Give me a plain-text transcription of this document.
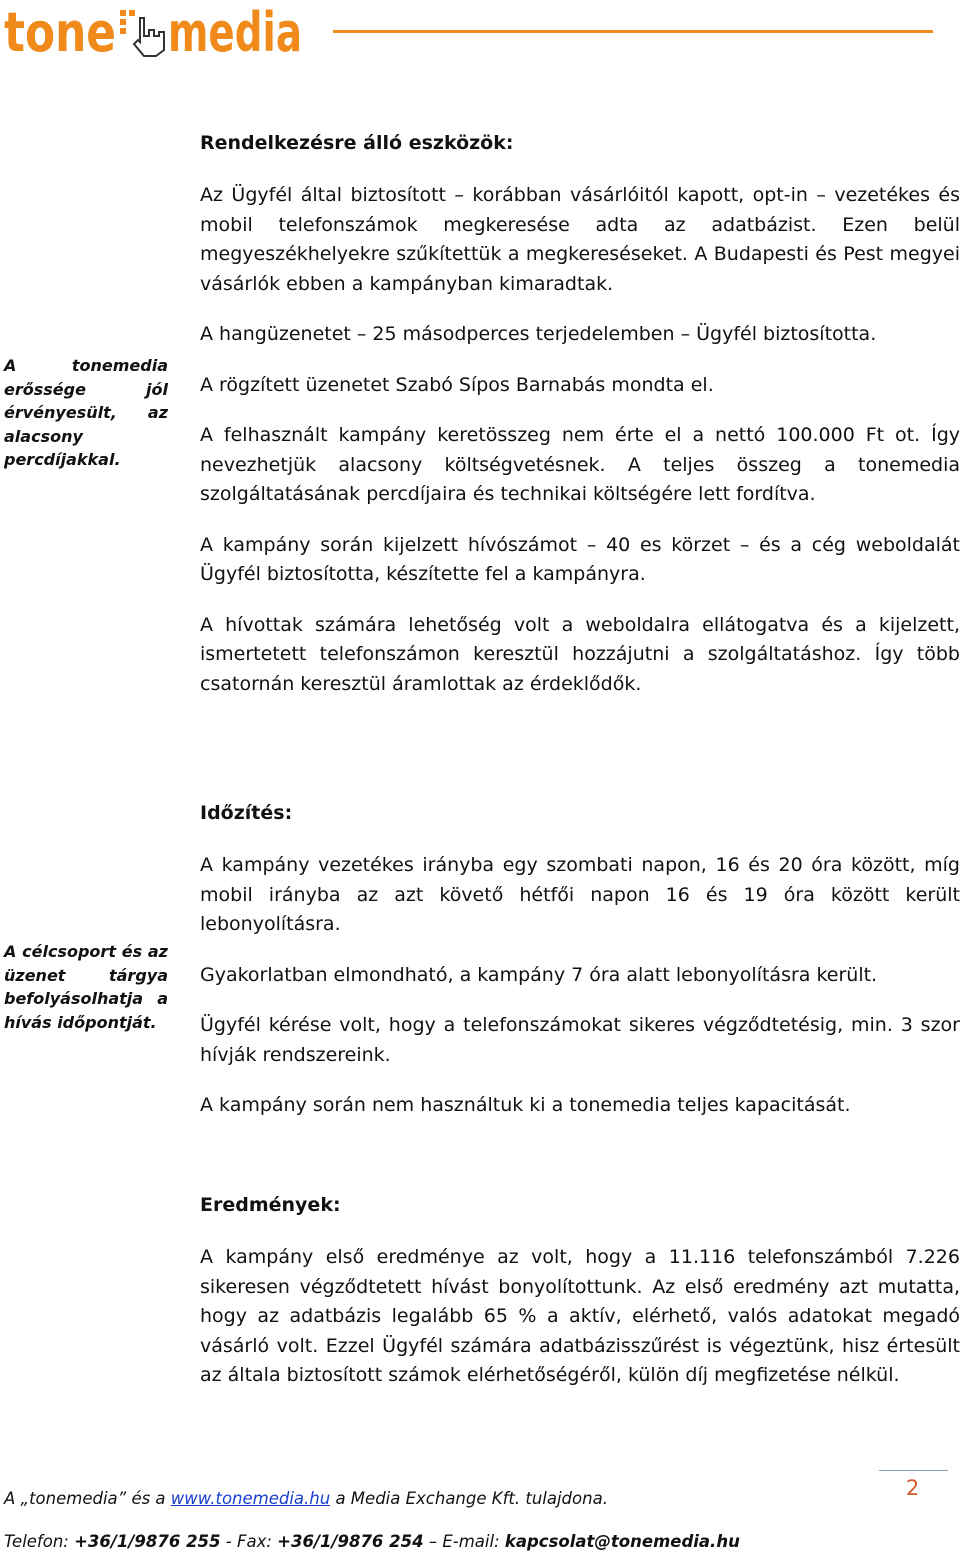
tone media
Rendelkezésre álló eszközök:

Az Ügyfél által biztosított – korábban vásárlóitól kapott, opt-in – vezetékes és mobil telefonszámok megkeresése adta az adatbázist. Ezen belül megyeszékhelyekre szűkítettük a megkereséseket. A Budapesti és Pest megyei vásárlók ebben a kampányban kimaradtak.

A hangüzenetet – 25 másodperces terjedelemben – Ügyfél biztosította.

A rögzített üzenetet Szabó Sípos Barnabás mondta el.

A felhasznált kampány keretösszeg nem érte el a nettó 100.000 Ft ot. Így nevezhetjük alacsony költségvetésnek. A teljes összeg a tonemedia szolgáltatásának percdíjaira és technikai költségére lett fordítva.

A kampány során kijelzett hívószámot – 40 es körzet – és a cég weboldalát Ügyfél biztosította, készítette fel a kampányra.

A hívottak számára lehetőség volt a weboldalra ellátogatva és a kijelzett, ismertetett telefonszámon keresztül hozzájutni a szolgáltatáshoz. Így több csatornán keresztül áramlottak az érdeklődők.

A tonemedia erőssége jól érvényesült, az alacsony percdíjakkal.

Időzítés:

A kampány vezetékes irányba egy szombati napon, 16 és 20 óra között, míg mobil irányba az azt követő hétfői napon 16 és 19 óra között került lebonyolításra.

Gyakorlatban elmondható, a kampány 7 óra alatt lebonyolításra került.

Ügyfél kérése volt, hogy a telefonszámokat sikeres végződtetésig, min. 3 szor hívják rendszereink.

A kampány során nem használtuk ki a tonemedia teljes kapacitását.

A célcsoport és az üzenet tárgya befolyásolhatja a hívás időpontját.

Eredmények:

A kampány első eredménye az volt, hogy a 11.116 telefonszámból 7.226 sikeresen végződtetett hívást bonyolítottunk. Az első eredmény azt mutatta, hogy az adatbázis legalább 65 % a aktív, elérhető, valós adatokat megadó vásárló volt. Ezzel Ügyfél számára adatbázisszűrést is végeztünk, hisz értesült az általa biztosított számok elérhetőségéről, külön díj megfizetése nélkül.

2
A „tonemedia” és a www.tonemedia.hu a Media Exchange Kft. tulajdona.
Telefon: +36/1/9876 255 - Fax: +36/1/9876 254 – E-mail: kapcsolat@tonemedia.hu
